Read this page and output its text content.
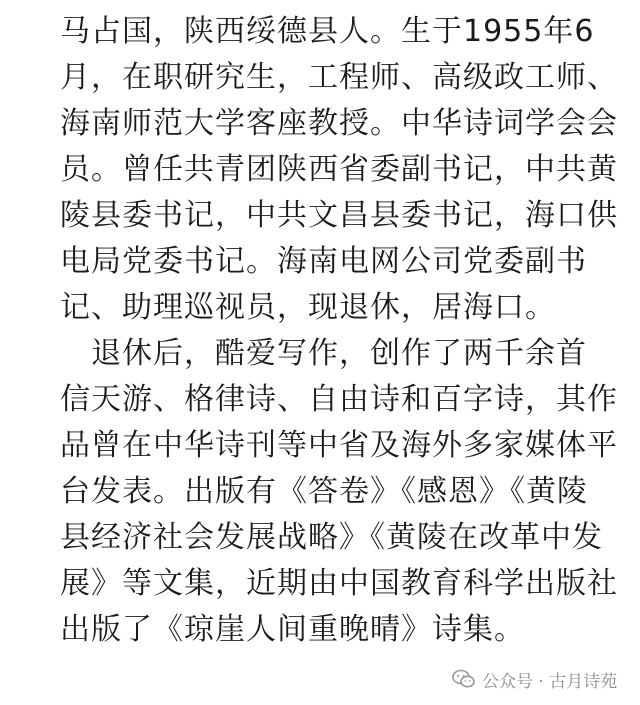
马占国，陕西绥德县人。生于1955年6
月，在职研究生，工程师、高级政工师、
海南师范大学客座教授。中华诗词学会会
员。曾任共青团陕西省委副书记，中共黄
陵县委书记，中共文昌县委书记，海口供
电局党委书记。海南电网公司党委副书
记、助理巡视员，现退休，居海口。
　退休后，酷爱写作，创作了两千余首
信天游、格律诗、自由诗和百字诗，其作
品曾在中华诗刊等中省及海外多家媒体平
台发表。出版有《答卷》《感恩》《黄陵
县经济社会发展战略》《黄陵在改革中发
展》等文集，近期由中国教育科学出版社
出版了《琼崖人间重晚晴》诗集。
公众号 · 古月诗苑
